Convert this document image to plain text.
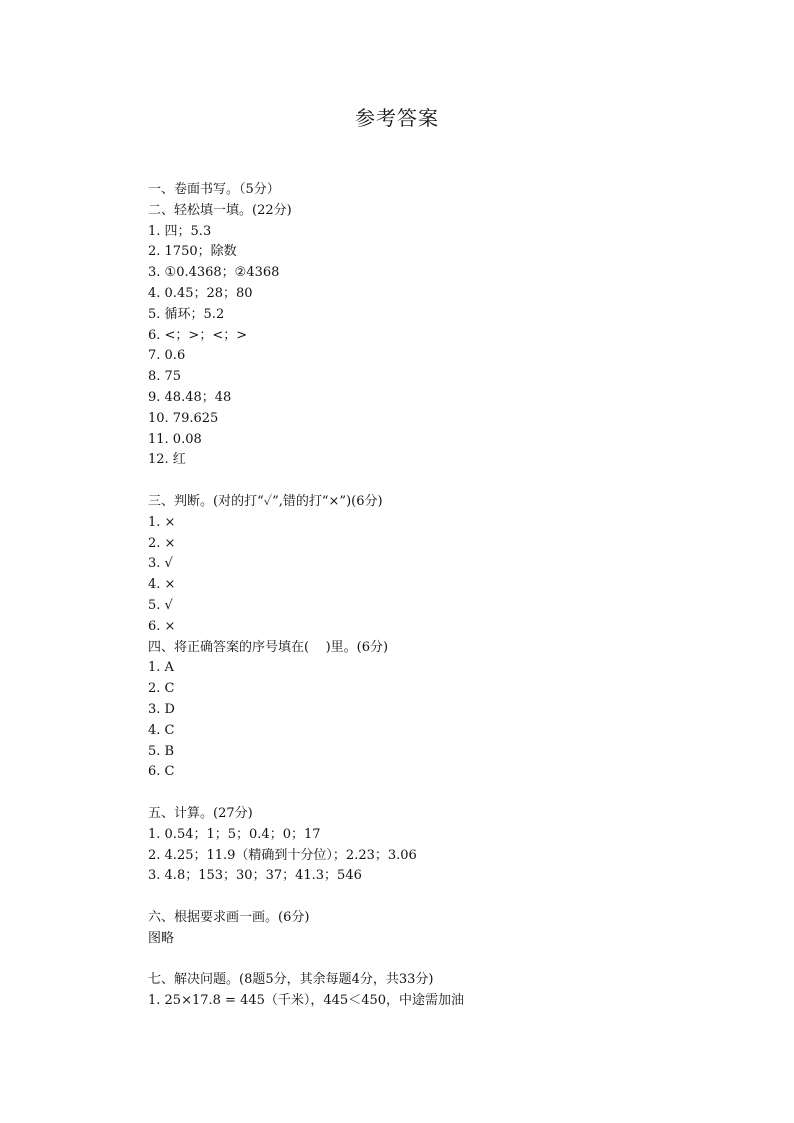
参考答案
一、卷面书写。（5分）
二、轻松填一填。(22分)
1. 四；5.3
2. 1750；除数
3. ①0.4368；②4368
4. 0.45；28；80
5. 循环；5.2
6. <；>；<；>
7. 0.6
8. 75
9. 48.48；48
10. 79.625
11. 0.08
12. 红
三、判断。(对的打“✓”,错的打“×”)(6分)
1. ×
2. ×
3. √
4. ×
5. √
6. ×
四、将正确答案的序号填在(    )里。(6分)
1. A
2. C
3. D
4. C
5. B
6. C
五、计算。(27分)
1. 0.54；1；5；0.4；0；17
2. 4.25；11.9（精确到十分位）；2.23；3.06
3. 4.8；153；30；37；41.3；546
六、根据要求画一画。(6分)
图略
七、解决问题。(8题5分，其余每题4分，共33分)
1. 25×17.8 = 445（千米），445＜450，中途需加油
